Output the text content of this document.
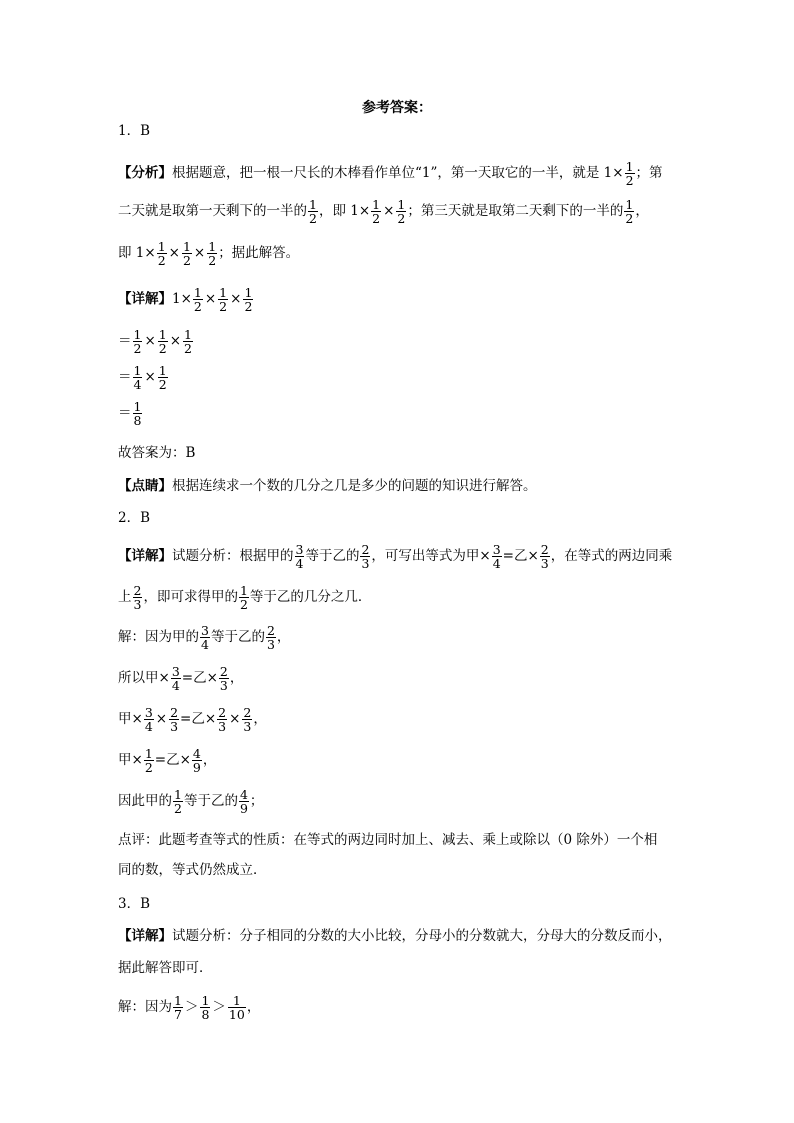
参考答案：
1．B
【分析】 根据题意，把一根一尺长的木棒看作单位“1”，第一天取它的一半，就是 $1\times \frac{1}{2}$ ；第
二天就是取第一天剩下的一半的 $\frac{1}{2}$ ，即 $1\times \frac{1}{2} \times \frac{1}{2}$ ；第三天就是取第二天剩下的一半的 $\frac{1}{2}$ ，
即 $1\times \frac{1}{2} \times \frac{1}{2} \times \frac{1}{2}$ ；据此解答。
【详解】 $1\times \frac{1}{2} \times \frac{1}{2} \times \frac{1}{2}$
＝ $\frac{1}{2} \times \frac{1}{2} \times \frac{1}{2}$
＝ $\frac{1}{4} \times \frac{1}{2}$
＝ $\frac{1}{8}$
故答案为：B
【点睛】 根据连续求一个数的几分之几是多少的问题的知识进行解答。
2．B
【详解】 试题分析：根据甲的 $\frac{3}{4}$ 等于乙的 $\frac{2}{3}$ ，可写出等式为甲× $\frac{3}{4}$ =乙× $\frac{2}{3}$ ，在等式的两边同乘
上 $\frac{2}{3}$ ，即可求得甲的 $\frac{1}{2}$ 等于乙的几分之几．
解：因为甲的 $\frac{3}{4}$ 等于乙的 $\frac{2}{3}$ ，
所以甲× $\frac{3}{4}$ =乙× $\frac{2}{3}$ ，
甲× $\frac{3}{4} \times \frac{2}{3}$ =乙× $\frac{2}{3} \times \frac{2}{3}$ ，
甲× $\frac{1}{2}$ =乙× $\frac{4}{9}$ ，
因此甲的 $\frac{1}{2}$ 等于乙的 $\frac{4}{9}$ ；
点评：此题考查等式的性质：在等式的两边同时加上、减去、乘上或除以（0 除外）一个相
同的数，等式仍然成立．
3．B
【详解】 试题分析：分子相同的分数的大小比较，分母小的分数就大，分母大的分数反而小，
据此解答即可．
解：因为 $\frac{1}{7} > \frac{1}{8} > \frac{1}{10}$ ，
